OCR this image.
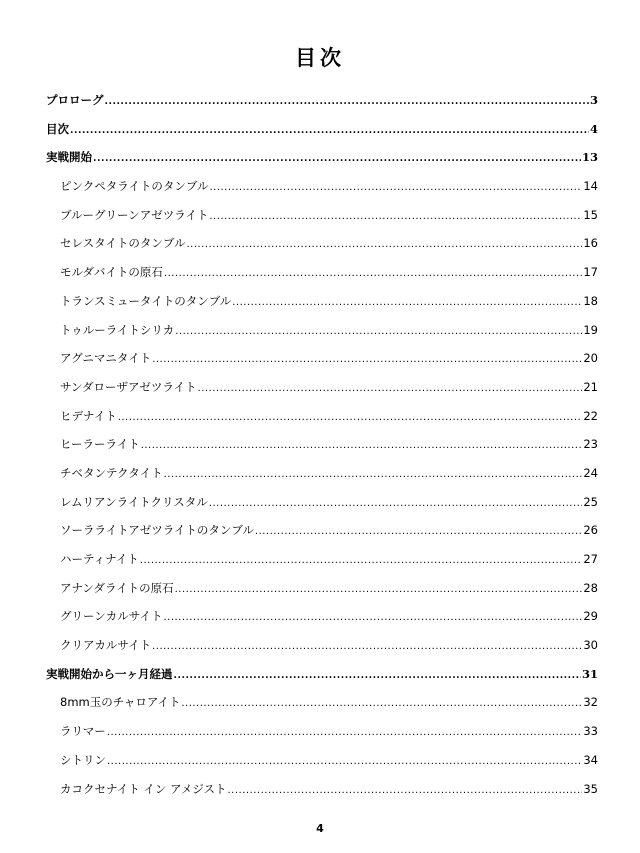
目次
プロローグ .....	3
目次 .....	4
実戦開始 .....	13
ピンクペタライトのタンブル .....	14
ブルーグリーンアゼツライト .....	15
セレスタイトのタンブル .....	16
モルダバイトの原石 .....	17
トランスミュータイトのタンブル .....	18
トゥルーライトシリカ .....	19
アグニマニタイト .....	20
サンダローザアゼツライト .....	21
ヒデナイト .....	22
ヒーラーライト .....	23
チベタンテクタイト .....	24
レムリアンライトクリスタル .....	25
ソーラライトアゼツライトのタンブル .....	26
ハーティナイト .....	27
アナンダライトの原石 .....	28
グリーンカルサイト .....	29
クリアカルサイト .....	30
実戦開始から一ヶ月経過 .....	31
8mm玉のチャロアイト .....	32
ラリマー .....	33
シトリン .....	34
カコクセナイト イン アメジスト .....	35
4
